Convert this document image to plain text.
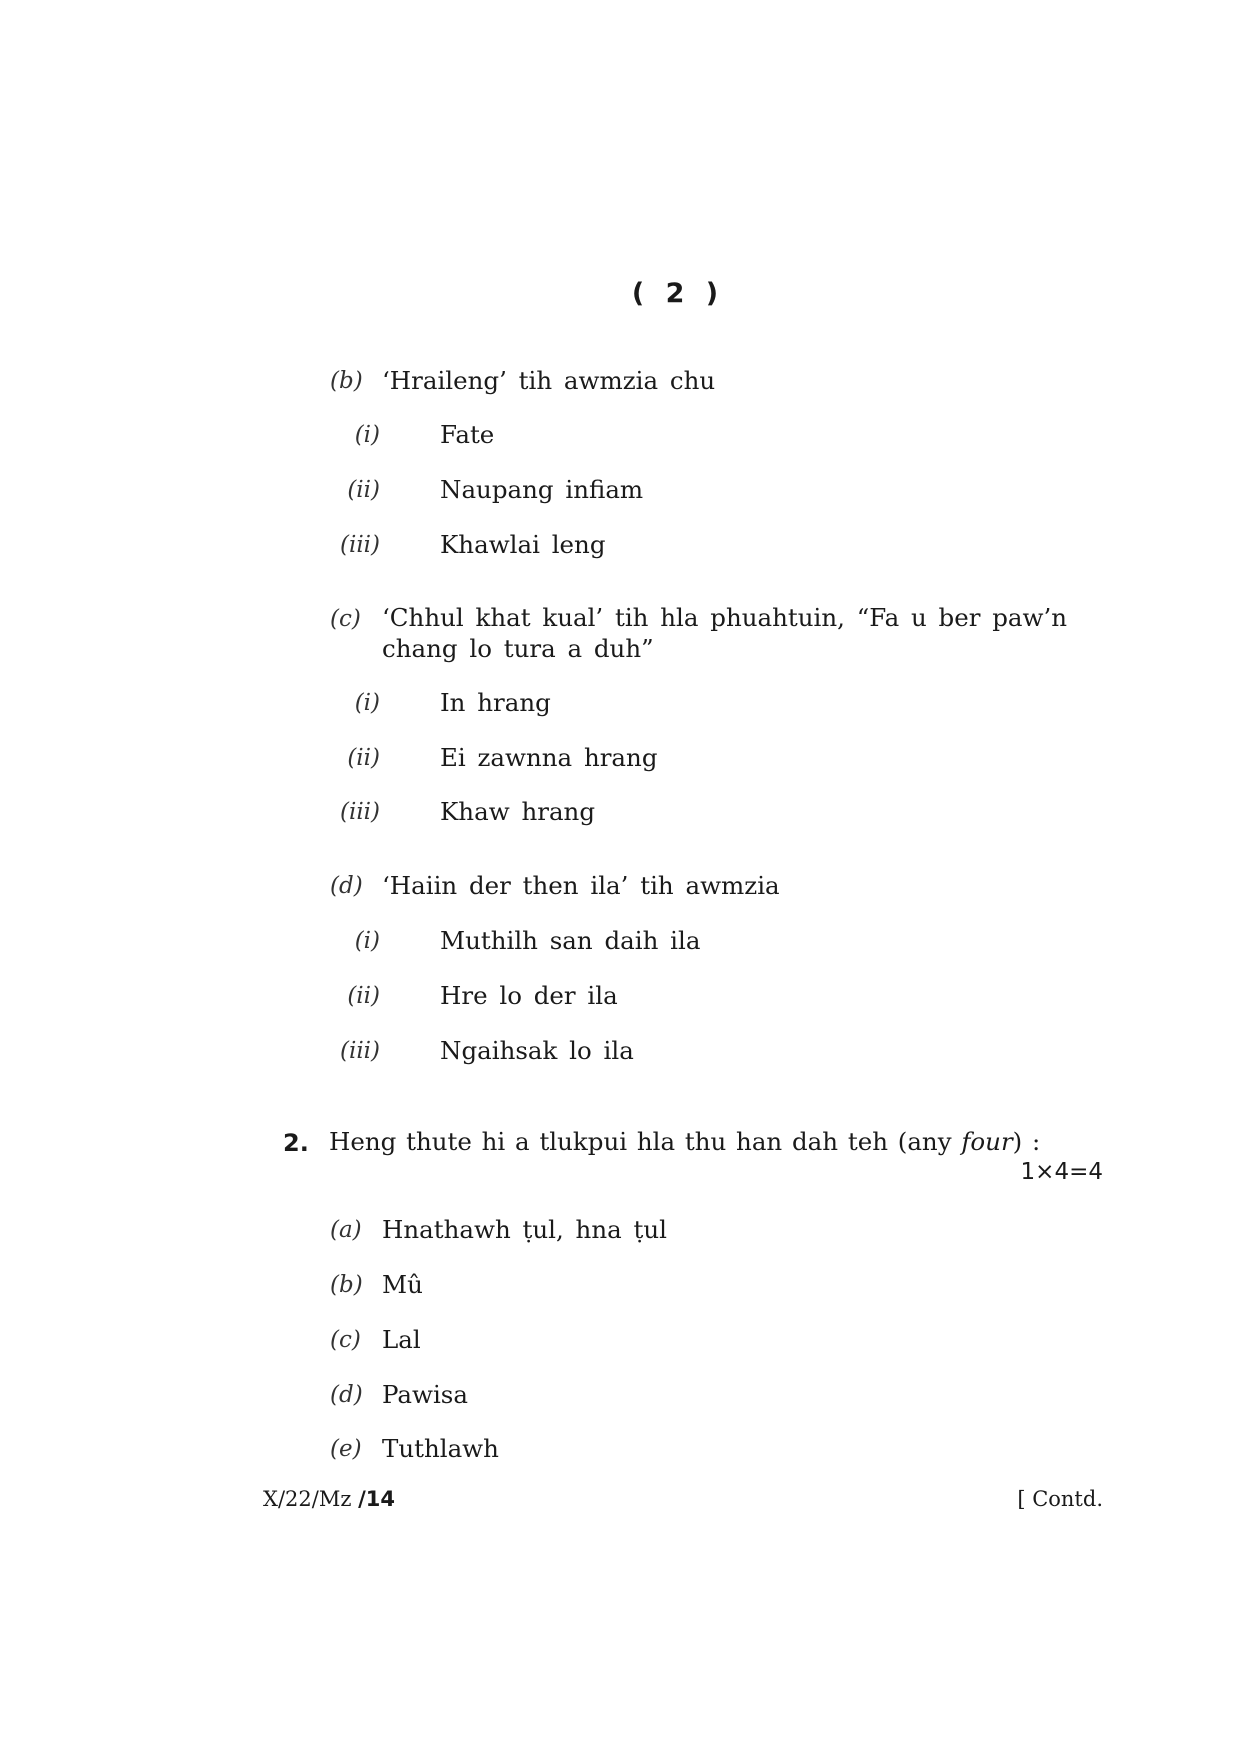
( 2 )
(b) ‘Hraileng’ tih awmzia chu
(i) Fate
(ii) Naupang infiam
(iii) Khawlai leng
(c) ‘Chhul khat kual’ tih hla phuahtuin, “Fa u ber paw’n
chang lo tura a duh”
(i) In hrang
(ii) Ei zawnna hrang
(iii) Khaw hrang
(d) ‘Haiin der then ila’ tih awmzia
(i) Muthilh san daih ila
(ii) Hre lo der ila
(iii) Ngaihsak lo ila
2. Heng thute hi a tlukpui hla thu han dah teh (any four) :
1×4=4
(a) Hnathawh ṭul, hna ṭul
(b) Mû
(c) Lal
(d) Pawisa
(e) Tuthlawh
X/22/Mz /14	[ Contd.
